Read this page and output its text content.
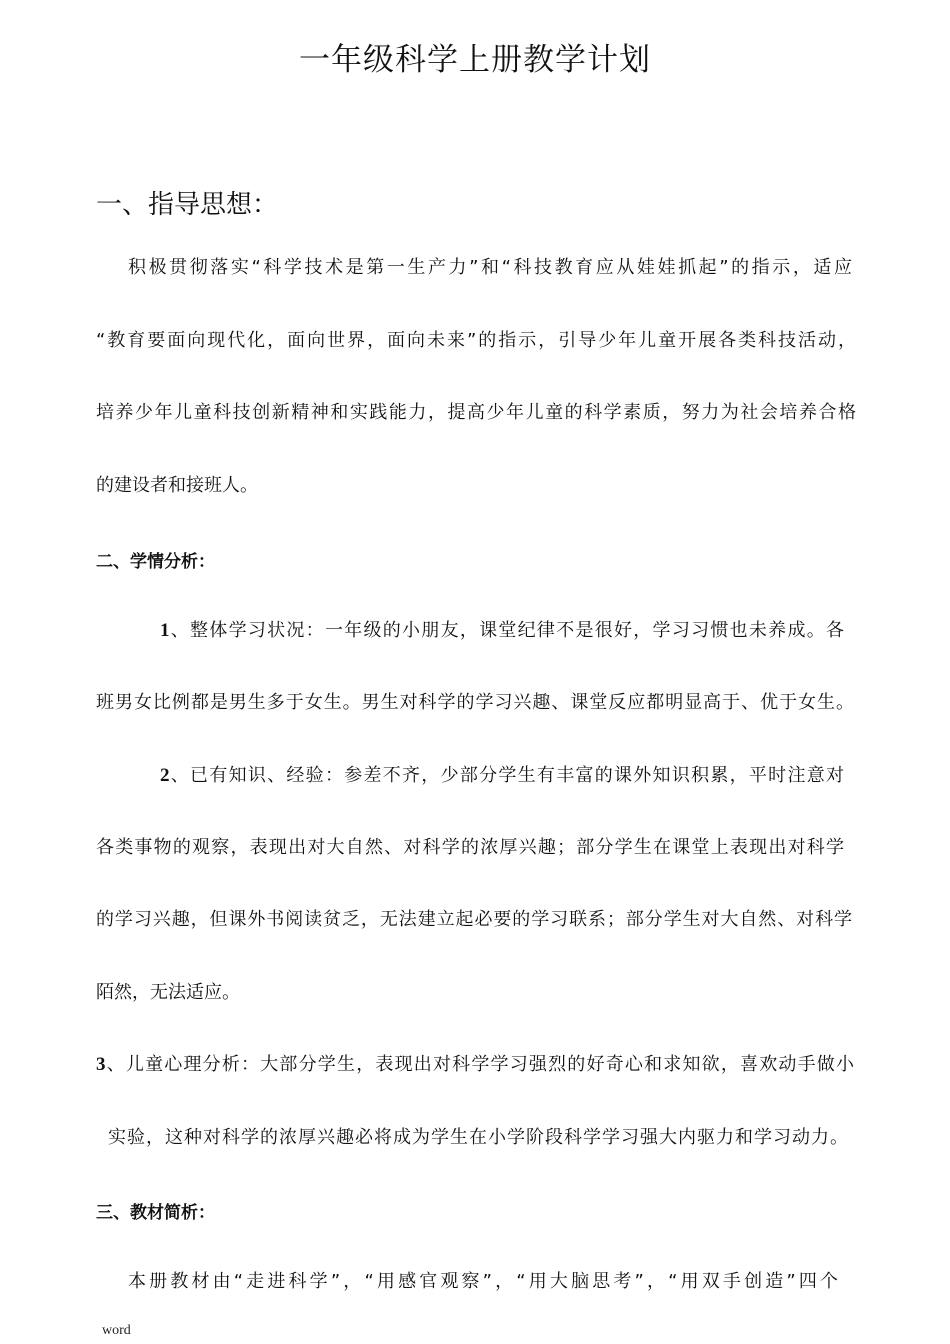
一年级科学上册教学计划
一、指导思想：

积极贯彻落实“科学技术是第一生产力”和“科技教育应从娃娃抓起”的指示，适应

“教育要面向现代化，面向世界，面向未来”的指示，引导少年儿童开展各类科技活动，

培养少年儿童科技创新精神和实践能力，提高少年儿童的科学素质，努力为社会培养合格

的建设者和接班人。

二、学情分析：

1、整体学习状况：一年级的小朋友，课堂纪律不是很好，学习习惯也未养成。各

班男女比例都是男生多于女生。男生对科学的学习兴趣、课堂反应都明显高于、优于女生。

2、已有知识、经验：参差不齐，少部分学生有丰富的课外知识积累，平时注意对

各类事物的观察，表现出对大自然、对科学的浓厚兴趣；部分学生在课堂上表现出对科学

的学习兴趣，但课外书阅读贫乏，无法建立起必要的学习联系；部分学生对大自然、对科学

陌然，无法适应。

3、儿童心理分析：大部分学生，表现出对科学学习强烈的好奇心和求知欲，喜欢动手做小

实验，这种对科学的浓厚兴趣必将成为学生在小学阶段科学学习强大内驱力和学习动力。

三、教材简析：

本册教材由“走进科学”，“用感官观察”，“用大脑思考”，“用双手创造”四个

word
